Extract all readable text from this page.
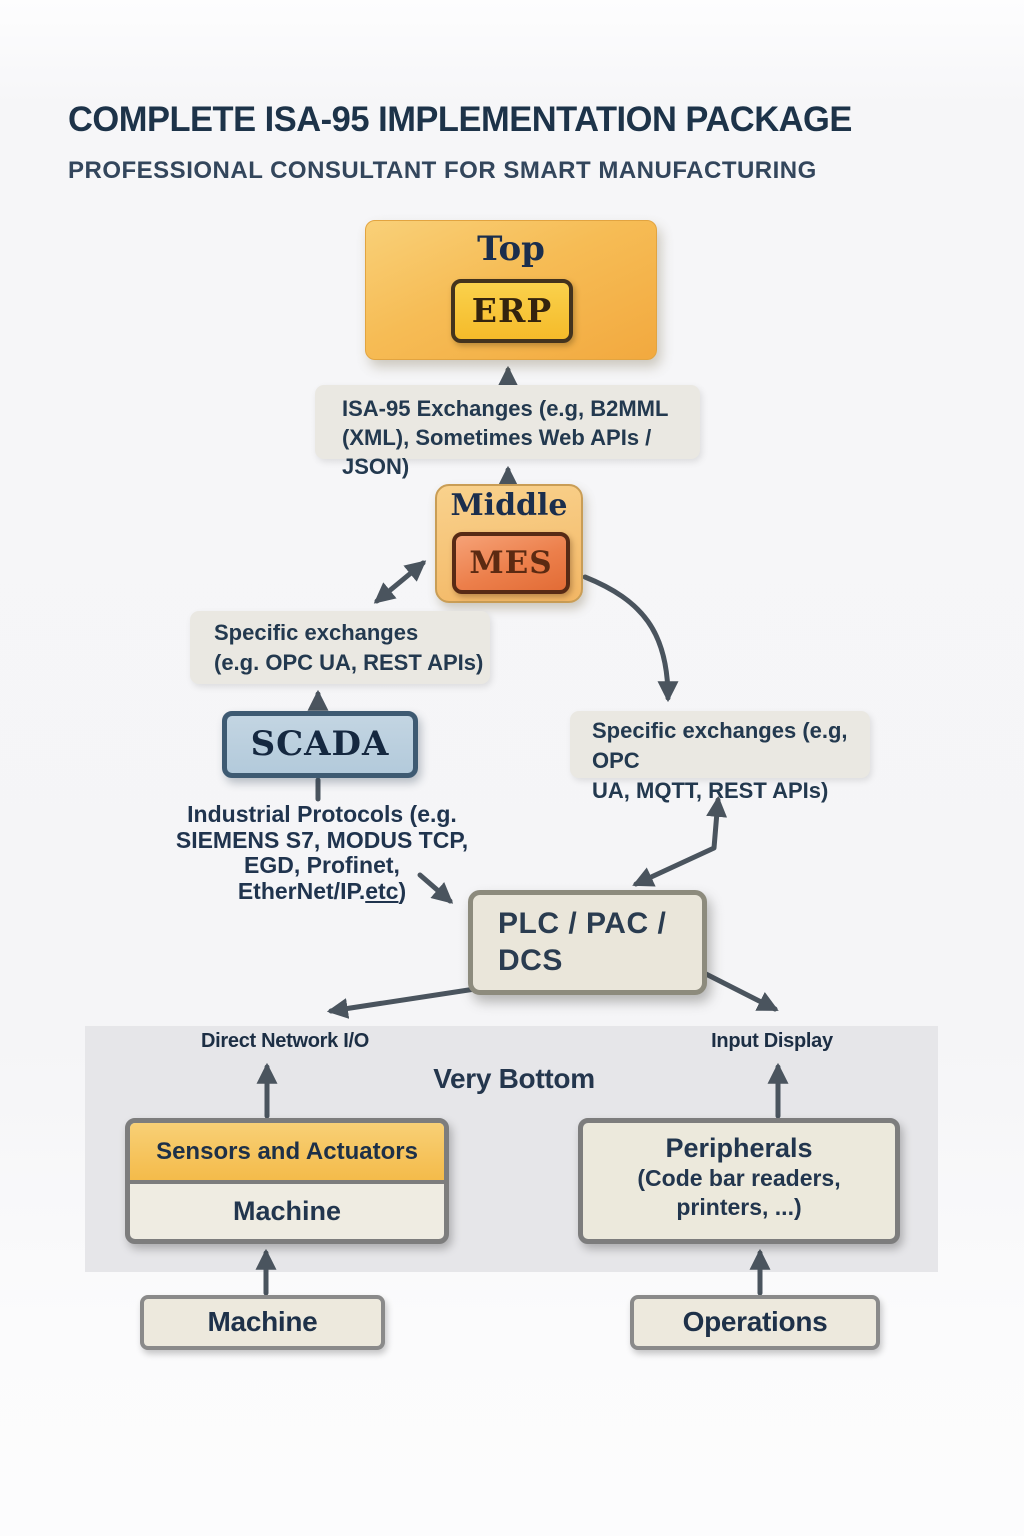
COMPLETE ISA-95 IMPLEMENTATION PACKAGE
PROFESSIONAL CONSULTANT FOR SMART MANUFACTURING
Top
ERP
ISA-95 Exchanges (e.g, B2MML
(XML), Sometimes Web APIs / JSON)
Middle
MES
Specific exchanges
(e.g. OPC UA, REST APIs)
SCADA
Industrial Protocols (e.g.
SIEMENS S7, MODUS TCP,
EGD, Profinet, EtherNet/IP.etc)
Specific exchanges (e.g, OPC
UA, MQTT, REST APIs)
PLC / PAC /
DCS
Direct Network I/O	Input Display
Very Bottom
Sensors and Actuators
Machine
Peripherals
(Code bar readers,
printers, ...)
Machine	Operations
